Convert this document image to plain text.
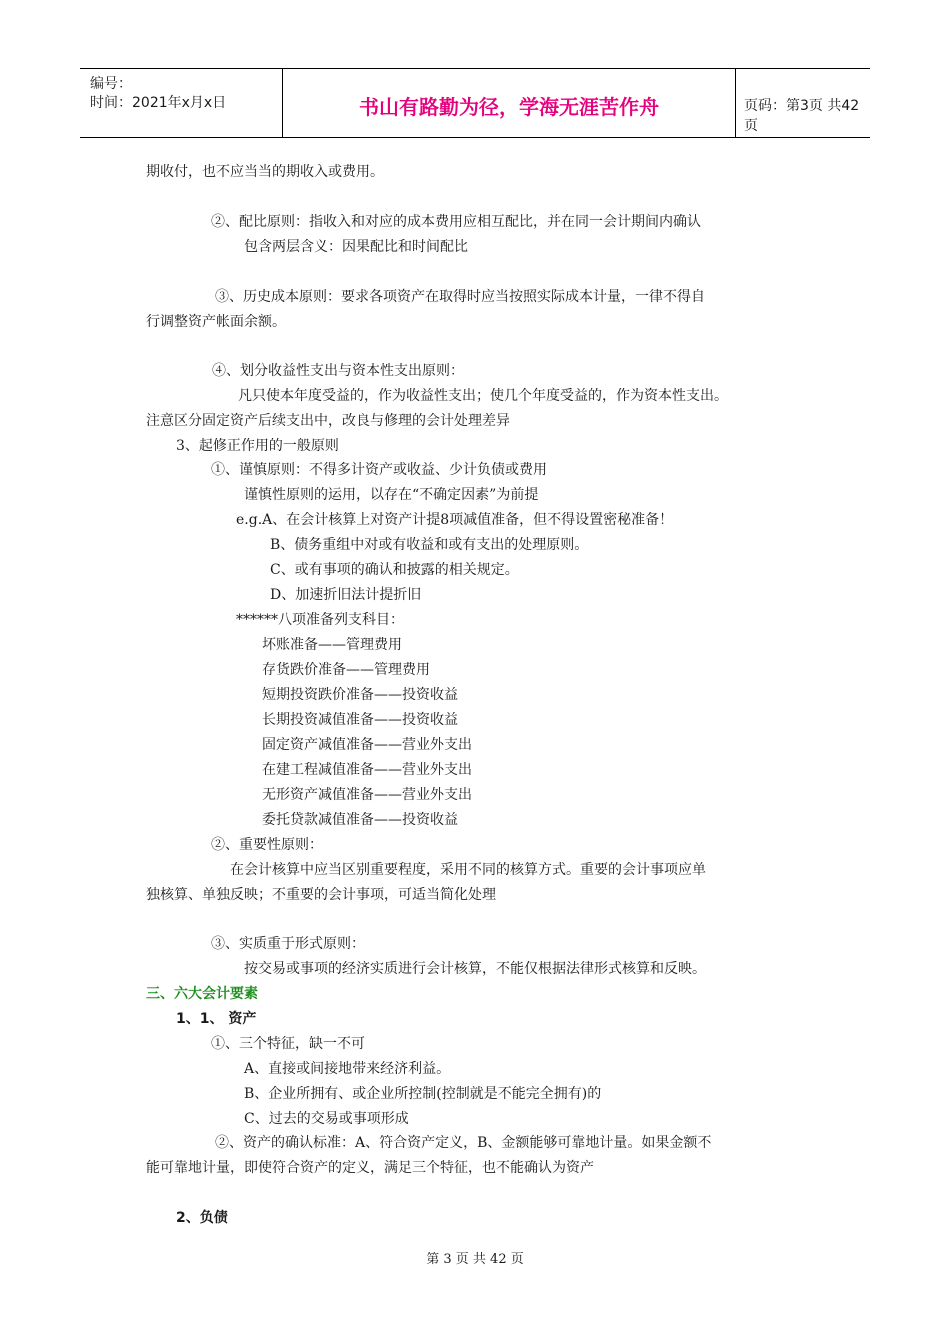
编号：
时间：2021年x月x日	书山有路勤为径，学海无涯苦作舟	页码：第3页 共42页
期收付，也不应当当的期收入或费用。
②、配比原则：指收入和对应的成本费用应相互配比，并在同一会计期间内确认
包含两层含义：因果配比和时间配比
③、历史成本原则：要求各项资产在取得时应当按照实际成本计量，一律不得自
行调整资产帐面余额。
④、划分收益性支出与资本性支出原则：
凡只使本年度受益的，作为收益性支出；使几个年度受益的，作为资本性支出。
注意区分固定资产后续支出中，改良与修理的会计处理差异
3、起修正作用的一般原则
①、谨慎原则：不得多计资产或收益、少计负债或费用
谨慎性原则的运用，以存在“不确定因素”为前提
e.g.A、在会计核算上对资产计提8项减值准备，但不得设置密秘准备！
B、债务重组中对或有收益和或有支出的处理原则。
C、或有事项的确认和披露的相关规定。
D、加速折旧法计提折旧
******八项准备列支科目：
坏账准备——管理费用
存货跌价准备——管理费用
短期投资跌价准备——投资收益
长期投资减值准备——投资收益
固定资产减值准备——营业外支出
在建工程减值准备——营业外支出
无形资产减值准备——营业外支出
委托贷款减值准备——投资收益
②、重要性原则：
在会计核算中应当区别重要程度，采用不同的核算方式。重要的会计事项应单
独核算、单独反映；不重要的会计事项，可适当简化处理
③、实质重于形式原则：
按交易或事项的经济实质进行会计核算，不能仅根据法律形式核算和反映。
三、六大会计要素
1、1、 资产
①、三个特征，缺一不可
A、直接或间接地带来经济利益。
B、企业所拥有、或企业所控制(控制就是不能完全拥有)的
C、过去的交易或事项形成
②、资产的确认标准：A、符合资产定义，B、金额能够可靠地计量。如果金额不
能可靠地计量，即使符合资产的定义，满足三个特征，也不能确认为资产
2、负债
第 3 页 共 42 页
